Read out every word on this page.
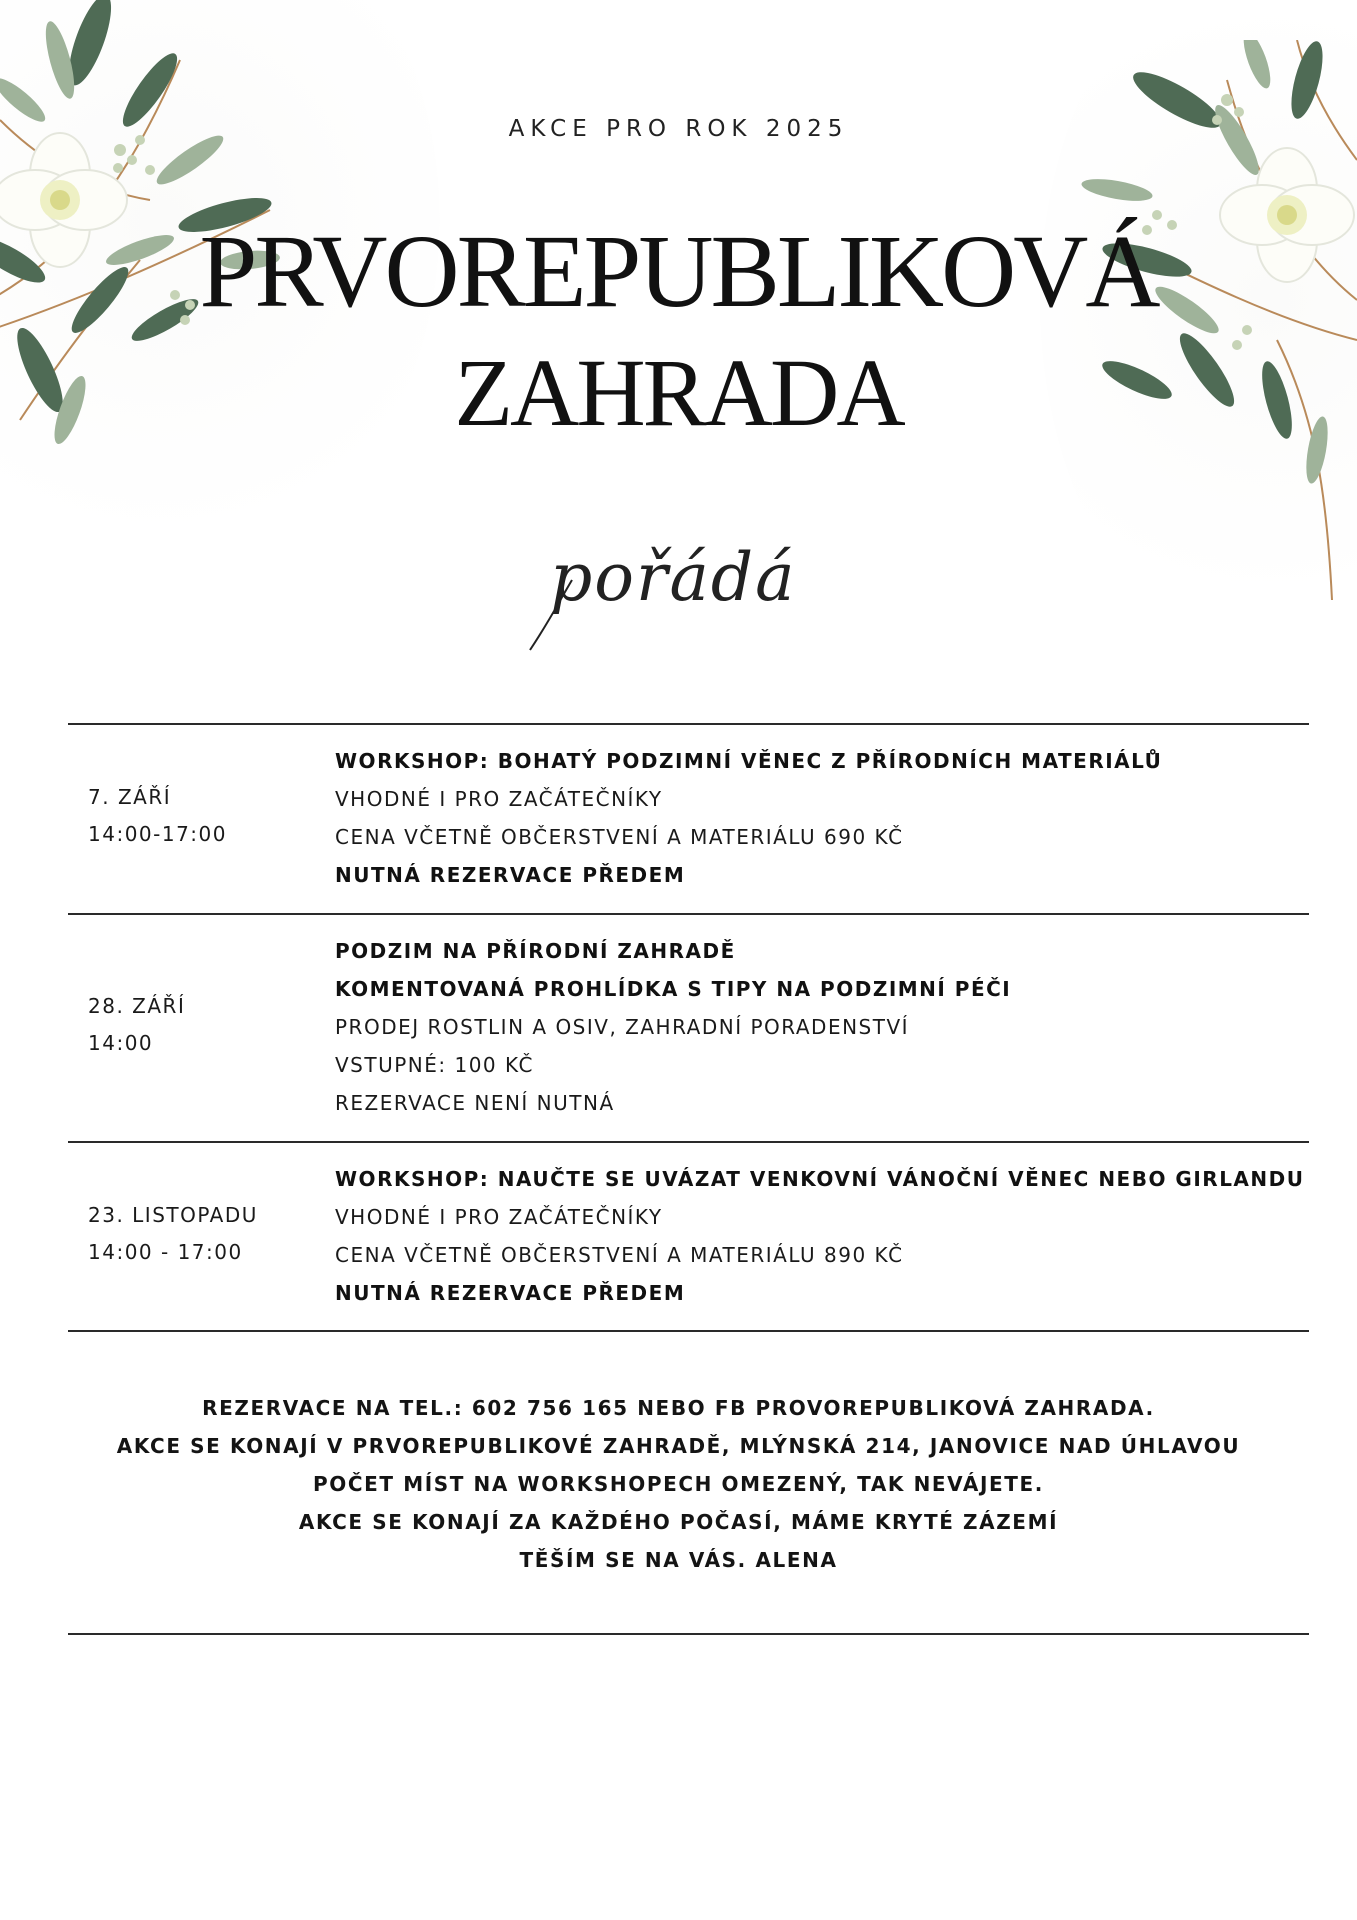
AKCE PRO ROK 2025
PRVOREPUBLIKOVÁ
ZAHRADA
pořádá
7. ZÁŘÍ
14:00-17:00
WORKSHOP: BOHATÝ PODZIMNÍ VĚNEC Z PŘÍRODNÍCH MATERIÁLŮ
VHODNÉ I PRO ZAČÁTEČNÍKY
CENA VČETNĚ OBČERSTVENÍ A MATERIÁLU 690 KČ
NUTNÁ REZERVACE PŘEDEM
28. ZÁŘÍ
14:00
PODZIM NA PŘÍRODNÍ ZAHRADĚ
KOMENTOVANÁ PROHLÍDKA S TIPY NA PODZIMNÍ PÉČI
PRODEJ ROSTLIN A OSIV, ZAHRADNÍ PORADENSTVÍ
VSTUPNÉ: 100 KČ
REZERVACE NENÍ NUTNÁ
23. LISTOPADU
14:00 - 17:00
WORKSHOP: NAUČTE SE UVÁZAT VENKOVNÍ VÁNOČNÍ VĚNEC NEBO GIRLANDU
VHODNÉ I PRO ZAČÁTEČNÍKY
CENA VČETNĚ OBČERSTVENÍ A MATERIÁLU 890 KČ
NUTNÁ REZERVACE PŘEDEM
REZERVACE NA TEL.: 602 756 165 NEBO FB PROVOREPUBLIKOVÁ ZAHRADA.
AKCE SE KONAJÍ V PRVOREPUBLIKOVÉ ZAHRADĚ, MLÝNSKÁ 214, JANOVICE NAD ÚHLAVOU
POČET MÍST NA WORKSHOPECH OMEZENÝ, TAK NEVÁJETE.
AKCE SE KONAJÍ ZA KAŽDÉHO POČASÍ, MÁME KRYTÉ ZÁZEMÍ
TĚŠÍM SE NA VÁS. ALENA
